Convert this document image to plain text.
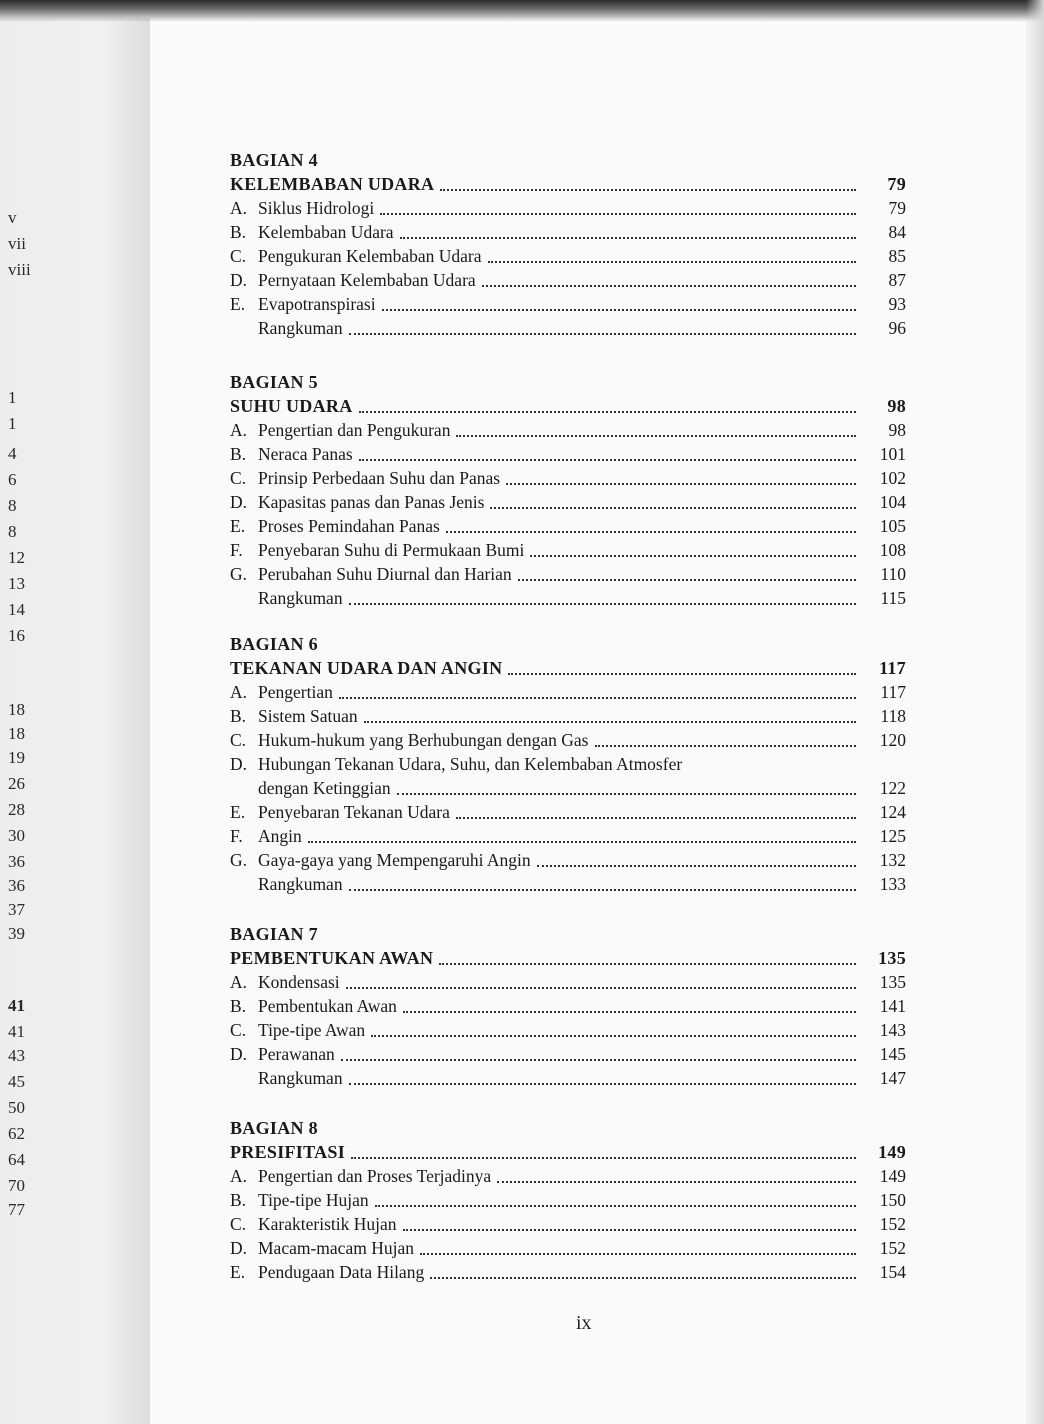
v
vii
viii
1
1
4
6
8
8
12
13
14
16
18
18
19
26
28
30
36
36
37
39
41
41
43
45
50
62
64
70
77
BAGIAN 4
KELEMBABAN UDARA	79
A. Siklus Hidrologi	79
B. Kelembaban Udara	84
C. Pengukuran Kelembaban Udara	85
D. Pernyataan Kelembaban Udara	87
E. Evapotranspirasi	93
Rangkuman	96
BAGIAN 5
SUHU UDARA	98
A. Pengertian dan Pengukuran	98
B. Neraca Panas	101
C. Prinsip Perbedaan Suhu dan Panas	102
D. Kapasitas panas dan Panas Jenis	104
E. Proses Pemindahan Panas	105
F. Penyebaran Suhu di Permukaan Bumi	108
G. Perubahan Suhu Diurnal dan Harian	110
Rangkuman	115
BAGIAN 6
TEKANAN UDARA DAN ANGIN	117
A. Pengertian	117
B. Sistem Satuan	118
C. Hukum-hukum yang Berhubungan dengan Gas	120
D. Hubungan Tekanan Udara, Suhu, dan Kelembaban Atmosfer
dengan Ketinggian	122
E. Penyebaran Tekanan Udara	124
F. Angin	125
G. Gaya-gaya yang Mempengaruhi Angin	132
Rangkuman	133
BAGIAN 7
PEMBENTUKAN AWAN	135
A. Kondensasi	135
B. Pembentukan Awan	141
C. Tipe-tipe Awan	143
D. Perawanan	145
Rangkuman	147
BAGIAN 8
PRESIFITASI	149
A. Pengertian dan Proses Terjadinya	149
B. Tipe-tipe Hujan	150
C. Karakteristik Hujan	152
D. Macam-macam Hujan	152
E. Pendugaan Data Hilang	154
ix
